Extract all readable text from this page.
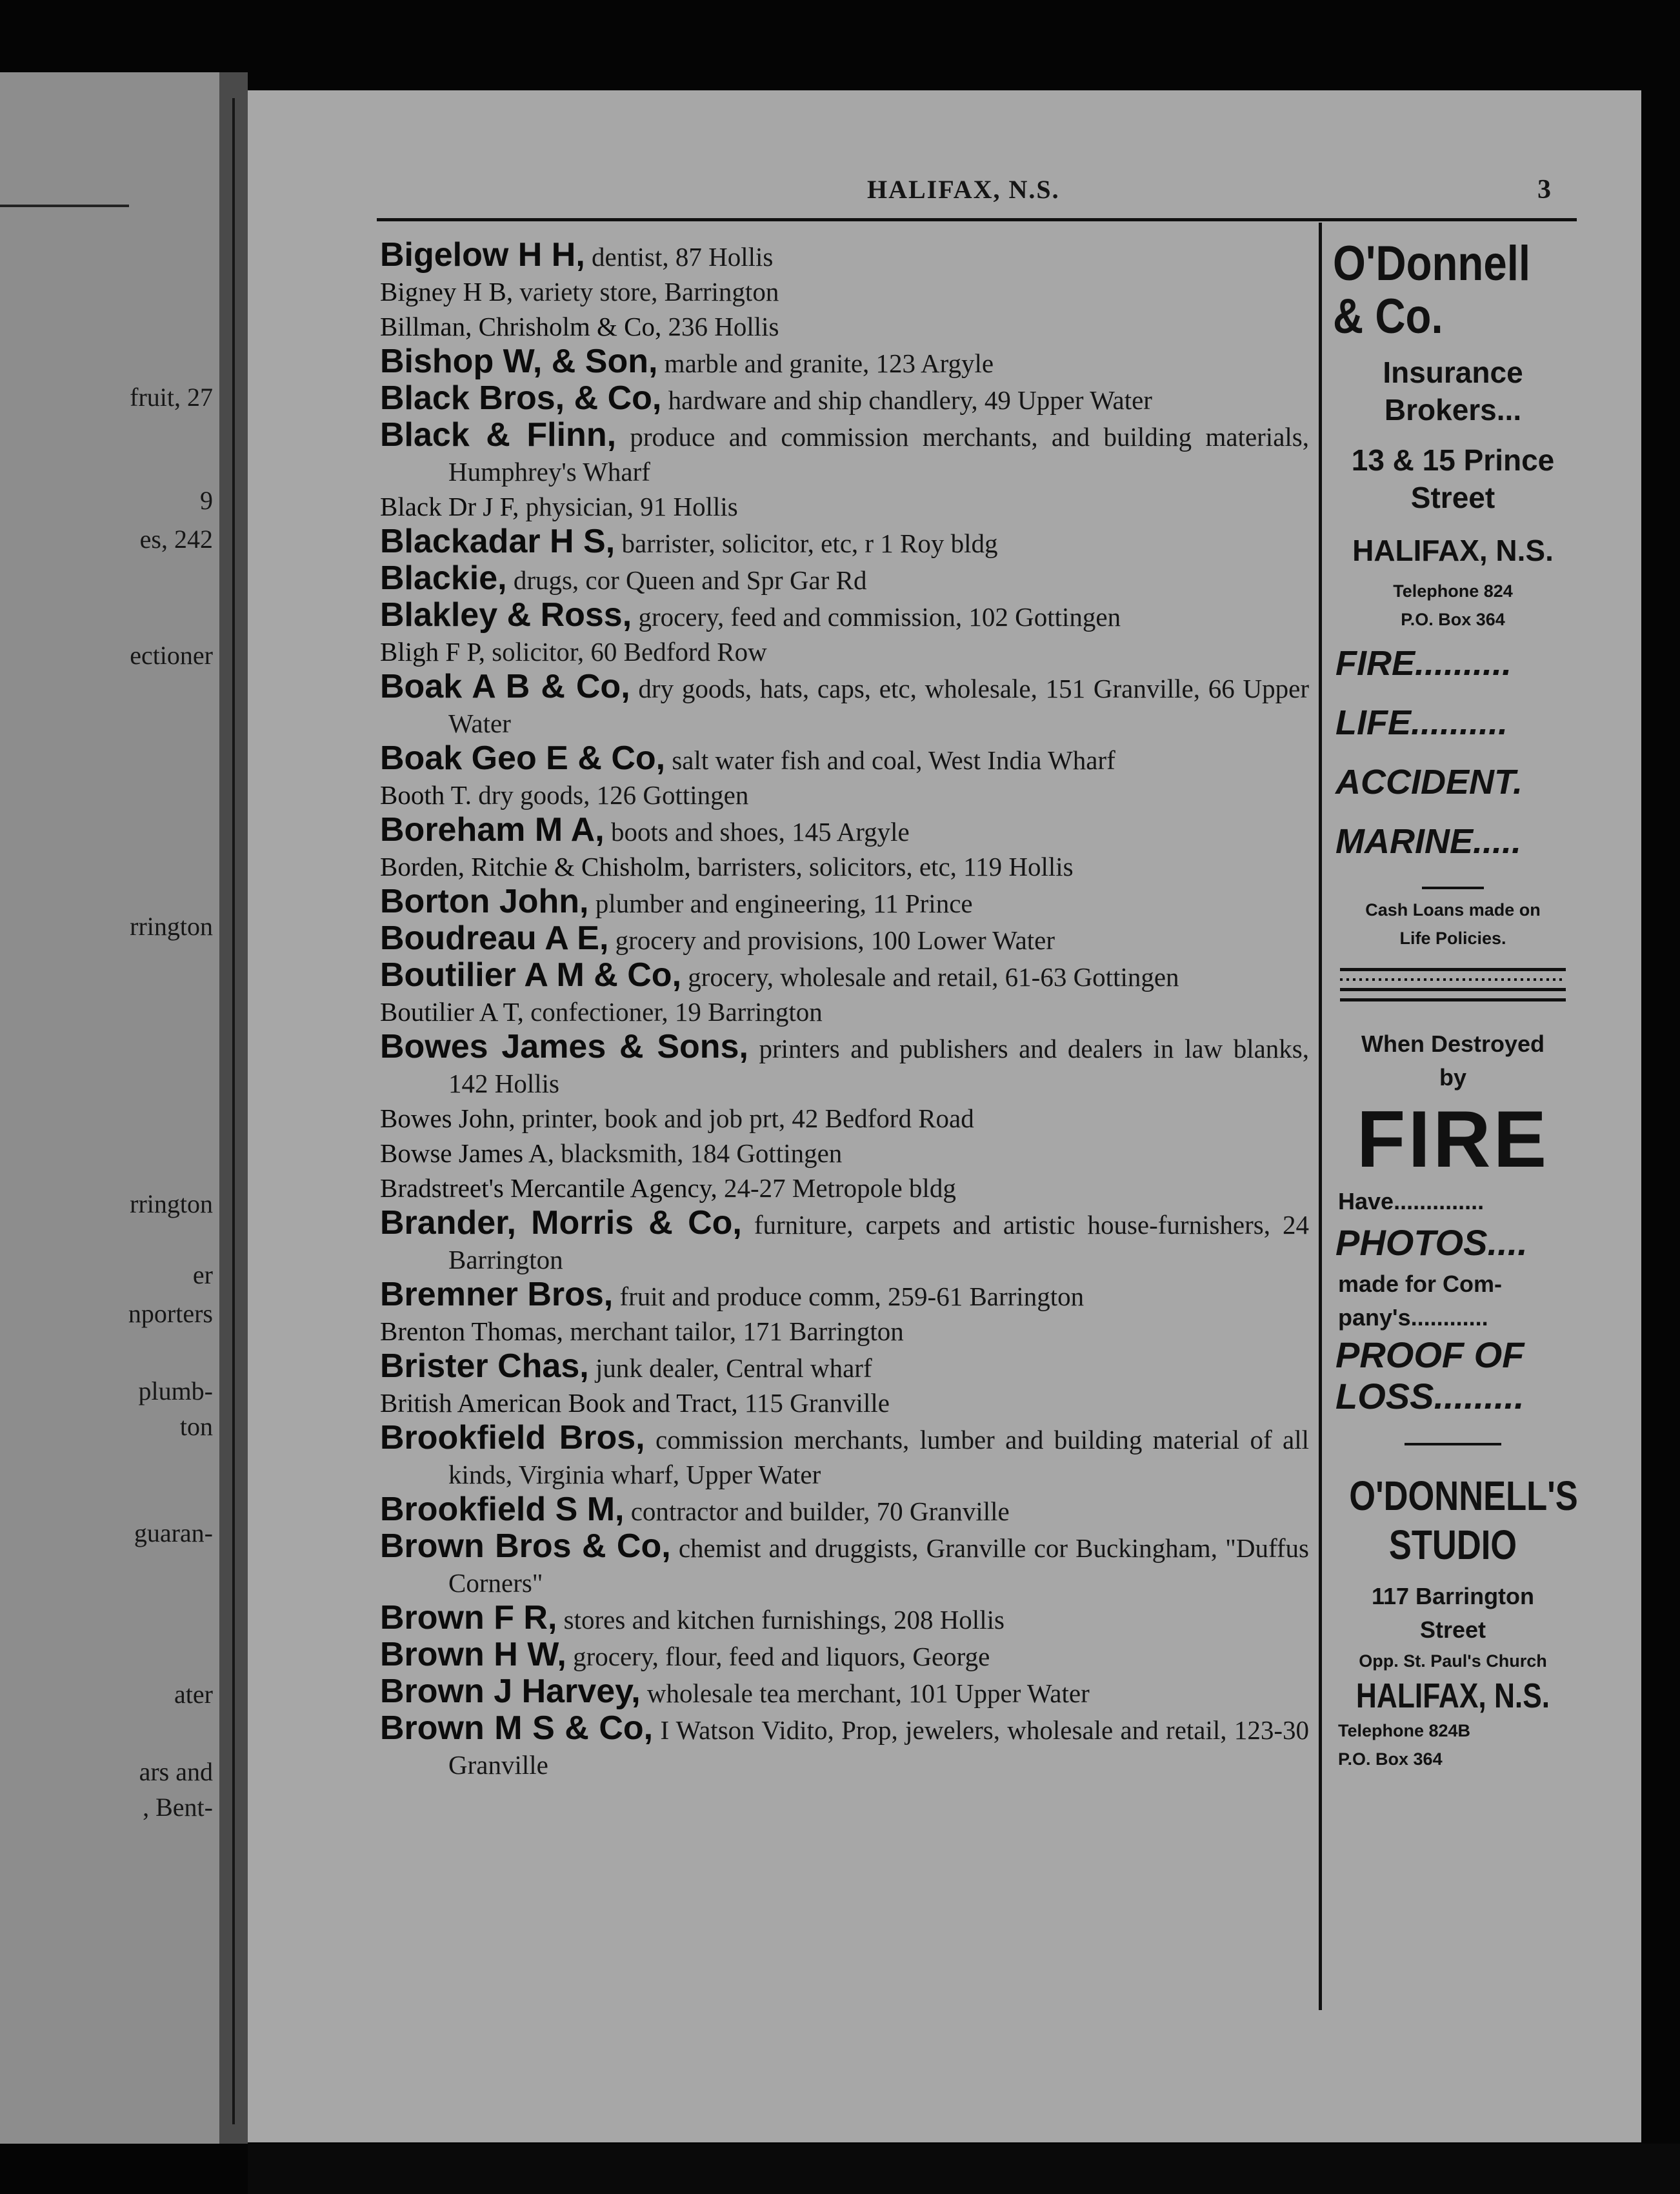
fruit, 27
9
es, 242
ectioner
rrington
rrington
er
nporters
plumb-
ton
guaran-
ater
ars and
, Bent-
HALIFAX, N.S.	3
Bigelow H H, dentist, 87 Hollis
Bigney H B, variety store, Barrington
Billman, Chrisholm & Co, 236 Hollis
Bishop W, & Son, marble and granite, 123 Argyle
Black Bros, & Co, hardware and ship chandlery, 49 Upper Water
Black & Flinn, produce and commission merchants, and building materials, Humphrey's Wharf
Black Dr J F, physician, 91 Hollis
Blackadar H S, barrister, solicitor, etc, r 1 Roy bldg
Blackie, drugs, cor Queen and Spr Gar Rd
Blakley & Ross, grocery, feed and commission, 102 Gottingen
Bligh F P, solicitor, 60 Bedford Row
Boak A B & Co, dry goods, hats, caps, etc, wholesale, 151 Granville, 66 Upper Water
Boak Geo E & Co, salt water fish and coal, West India Wharf
Booth T. dry goods, 126 Gottingen
Boreham M A, boots and shoes, 145 Argyle
Borden, Ritchie & Chisholm, barristers, solicitors, etc, 119 Hollis
Borton John, plumber and engineering, 11 Prince
Boudreau A E, grocery and provisions, 100 Lower Water
Boutilier A M & Co, grocery, wholesale and retail, 61-63 Gottingen
Boutilier A T, confectioner, 19 Barrington
Bowes James & Sons, printers and publishers and dealers in law blanks, 142 Hollis
Bowes John, printer, book and job prt, 42 Bedford Road
Bowse James A, blacksmith, 184 Gottingen
Bradstreet's Mercantile Agency, 24-27 Metropole bldg
Brander, Morris & Co, furniture, carpets and artistic house-furnishers, 24 Barrington
Bremner Bros, fruit and produce comm, 259-61 Barrington
Brenton Thomas, merchant tailor, 171 Barrington
Brister Chas, junk dealer, Central wharf
British American Book and Tract, 115 Granville
Brookfield Bros, commission merchants, lumber and building material of all kinds, Virginia wharf, Upper Water
Brookfield S M, contractor and builder, 70 Granville
Brown Bros & Co, chemist and druggists, Granville cor Buckingham, "Duffus Corners"
Brown F R, stores and kitchen furnishings, 208 Hollis
Brown H W, grocery, flour, feed and liquors, George
Brown J Harvey, wholesale tea merchant, 101 Upper Water
Brown M S & Co, I Watson Vidito, Prop, jewelers, wholesale and retail, 123-30 Granville
O'Donnell
& Co.
Insurance
Brokers...
13 & 15 Prince
Street
HALIFAX, N.S.
Telephone 824
P.O. Box 364
FIRE..........
LIFE..........
ACCIDENT.
MARINE.....
Cash Loans made on
Life Policies.
When Destroyed
by
FIRE
Have..............
PHOTOS....
made for Com-
pany's............
PROOF OF
LOSS.........
O'DONNELL'S
STUDIO
117 Barrington
Street
Opp. St. Paul's Church
HALIFAX, N.S.
Telephone 824B
P.O. Box 364
